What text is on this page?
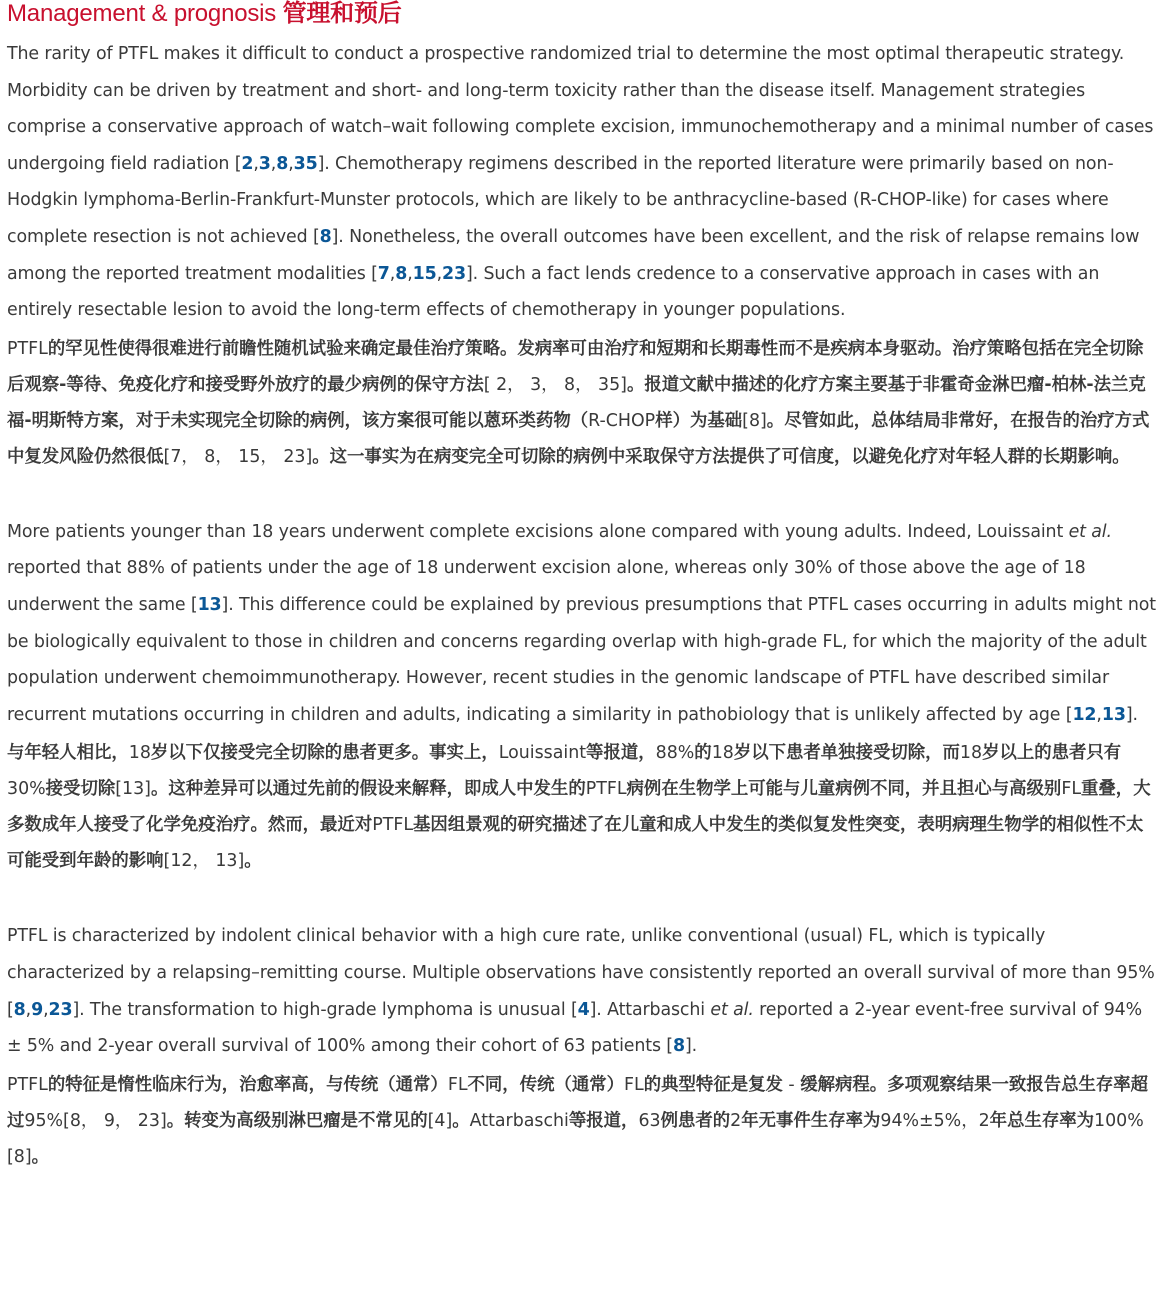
Management & prognosis 管理和预后

The rarity of PTFL makes it difficult to conduct a prospective randomized trial to determine the most optimal therapeutic strategy. Morbidity can be driven by treatment and short- and long-term toxicity rather than the disease itself. Management strategies comprise a conservative approach of watch–wait following complete excision, immunochemotherapy and a minimal number of cases undergoing field radiation [2,3,8,35]. Chemotherapy regimens described in the reported literature were primarily based on non-Hodgkin lymphoma-Berlin-Frankfurt-Munster protocols, which are likely to be anthracycline-based (R-CHOP-like) for cases where complete resection is not achieved [8]. Nonetheless, the overall outcomes have been excellent, and the risk of relapse remains low among the reported treatment modalities [7,8,15,23]. Such a fact lends credence to a conservative approach in cases with an entirely resectable lesion to avoid the long-term effects of chemotherapy in younger populations.

PTFL的罕见性使得很难进行前瞻性随机试验来确定最佳治疗策略。发病率可由治疗和短期和长期毒性而不是疾病本身驱动。治疗策略包括在完全切除后观察-等待、免疫化疗和接受野外放疗的最少病例的保守方法[ 2， 3， 8， 35]。报道文献中描述的化疗方案主要基于非霍奇金淋巴瘤-柏林-法兰克福-明斯特方案，对于未实现完全切除的病例，该方案很可能以蒽环类药物（R-CHOP样）为基础[8]。尽管如此，总体结局非常好，在报告的治疗方式中复发风险仍然很低[7， 8， 15， 23]。这一事实为在病变完全可切除的病例中采取保守方法提供了可信度，以避免化疗对年轻人群的长期影响。

More patients younger than 18 years underwent complete excisions alone compared with young adults. Indeed, Louissaint et al. reported that 88% of patients under the age of 18 underwent excision alone, whereas only 30% of those above the age of 18 underwent the same [13]. This difference could be explained by previous presumptions that PTFL cases occurring in adults might not be biologically equivalent to those in children and concerns regarding overlap with high-grade FL, for which the majority of the adult population underwent chemoimmunotherapy. However, recent studies in the genomic landscape of PTFL have described similar recurrent mutations occurring in children and adults, indicating a similarity in pathobiology that is unlikely affected by age [12,13].

与年轻人相比，18岁以下仅接受完全切除的患者更多。事实上，Louissaint等报道，88%的18岁以下患者单独接受切除，而18岁以上的患者只有30%接受切除[13]。这种差异可以通过先前的假设来解释，即成人中发生的PTFL病例在生物学上可能与儿童病例不同，并且担心与高级别FL重叠，大多数成年人接受了化学免疫治疗。然而，最近对PTFL基因组景观的研究描述了在儿童和成人中发生的类似复发性突变，表明病理生物学的相似性不太可能受到年龄的影响[12， 13]。

PTFL is characterized by indolent clinical behavior with a high cure rate, unlike conventional (usual) FL, which is typically characterized by a relapsing–remitting course. Multiple observations have consistently reported an overall survival of more than 95% [8,9,23]. The transformation to high-grade lymphoma is unusual [4]. Attarbaschi et al. reported a 2-year event-free survival of 94% ± 5% and 2-year overall survival of 100% among their cohort of 63 patients [8].

PTFL的特征是惰性临床行为，治愈率高，与传统（通常）FL不同，传统（通常）FL的典型特征是复发 - 缓解病程。多项观察结果一致报告总生存率超过95%[8， 9， 23]。转变为高级别淋巴瘤是不常见的[4]。Attarbaschi等报道，63例患者的2年无事件生存率为94%±5%，2年总生存率为100%[8]。
